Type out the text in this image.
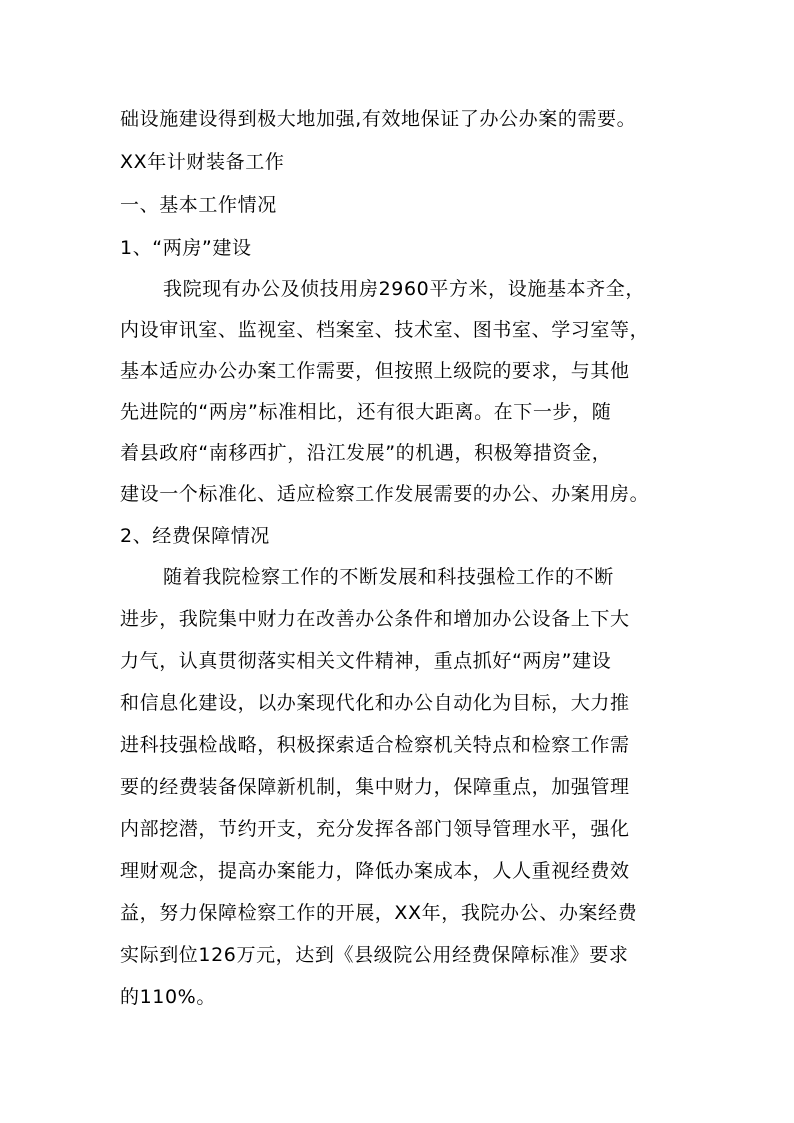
础设施建设得到极大地加强,有效地保证了办公办案的需要。
XX年计财装备工作
一、基本工作情况
1、“两房”建设
我院现有办公及侦技用房2960平方米，设施基本齐全，
内设审讯室、监视室、档案室、技术室、图书室、学习室等，
基本适应办公办案工作需要，但按照上级院的要求，与其他
先进院的“两房”标准相比，还有很大距离。在下一步，随
着县政府“南移西扩，沿江发展”的机遇，积极筹措资金，
建设一个标准化、适应检察工作发展需要的办公、办案用房。
2、经费保障情况
随着我院检察工作的不断发展和科技强检工作的不断
进步，我院集中财力在改善办公条件和增加办公设备上下大
力气，认真贯彻落实相关文件精神，重点抓好“两房”建设
和信息化建设，以办案现代化和办公自动化为目标，大力推
进科技强检战略，积极探索适合检察机关特点和检察工作需
要的经费装备保障新机制，集中财力，保障重点，加强管理
内部挖潜，节约开支，充分发挥各部门领导管理水平，强化
理财观念，提高办案能力，降低办案成本，人人重视经费效
益，努力保障检察工作的开展，XX年，我院办公、办案经费
实际到位126万元，达到《县级院公用经费保障标准》要求
的110%。
